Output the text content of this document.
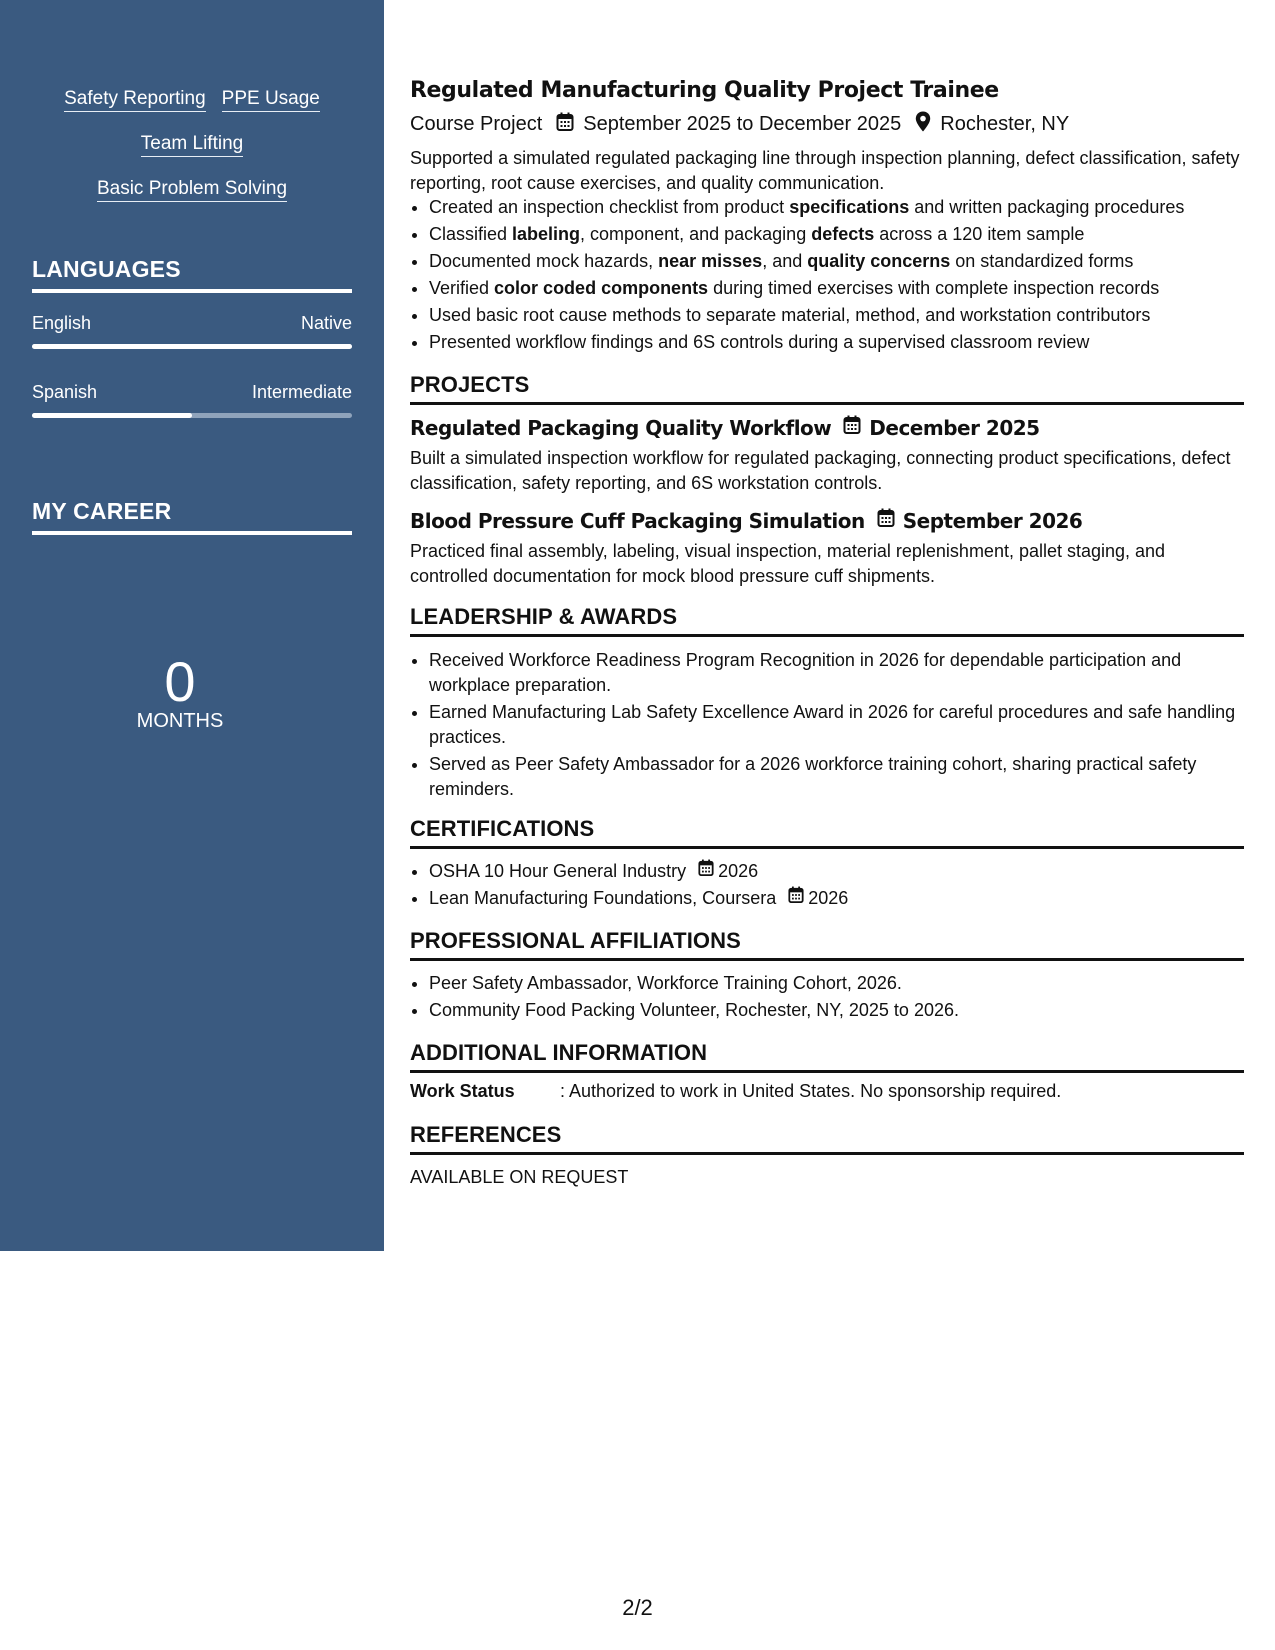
Safety Reporting PPE Usage
Team Lifting
Basic Problem Solving
LANGUAGES
English	Native
Spanish	Intermediate
MY CAREER
0
MONTHS
Regulated Manufacturing Quality Project Trainee
Course Project September 2025 to December 2025 Rochester, NY
Supported a simulated regulated packaging line through inspection planning, defect classification, safety reporting, root cause exercises, and quality communication.
• Created an inspection checklist from product specifications and written packaging procedures
• Classified labeling, component, and packaging defects across a 120 item sample
• Documented mock hazards, near misses, and quality concerns on standardized forms
• Verified color coded components during timed exercises with complete inspection records
• Used basic root cause methods to separate material, method, and workstation contributors
• Presented workflow findings and 6S controls during a supervised classroom review
PROJECTS
Regulated Packaging Quality Workflow December 2025
Built a simulated inspection workflow for regulated packaging, connecting product specifications, defect classification, safety reporting, and 6S workstation controls.
Blood Pressure Cuff Packaging Simulation September 2026
Practiced final assembly, labeling, visual inspection, material replenishment, pallet staging, and controlled documentation for mock blood pressure cuff shipments.
LEADERSHIP & AWARDS
• Received Workforce Readiness Program Recognition in 2026 for dependable participation and workplace preparation.
• Earned Manufacturing Lab Safety Excellence Award in 2026 for careful procedures and safe handling practices.
• Served as Peer Safety Ambassador for a 2026 workforce training cohort, sharing practical safety reminders.
CERTIFICATIONS
• OSHA 10 Hour General Industry 2026
• Lean Manufacturing Foundations, Coursera 2026
PROFESSIONAL AFFILIATIONS
• Peer Safety Ambassador, Workforce Training Cohort, 2026.
• Community Food Packing Volunteer, Rochester, NY, 2025 to 2026.
ADDITIONAL INFORMATION
Work Status	: Authorized to work in United States. No sponsorship required.
REFERENCES
AVAILABLE ON REQUEST
2/2
